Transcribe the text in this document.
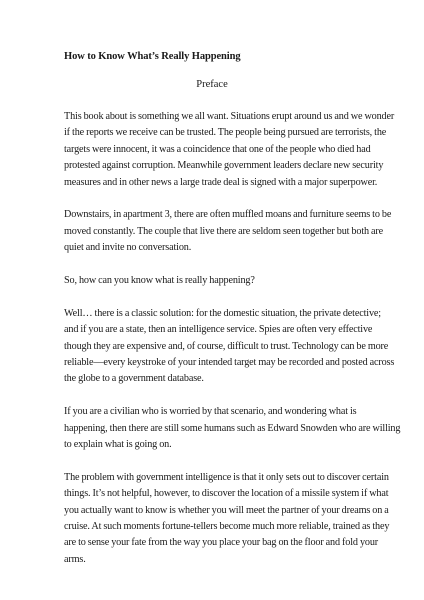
How to Know What’s Really Happening
Preface

This book about is something we all want. Situations erupt around us and we wonder
if the reports we receive can be trusted. The people being pursued are terrorists, the
targets were innocent, it was a coincidence that one of the people who died had
protested against corruption. Meanwhile government leaders declare new security
measures and in other news a large trade deal is signed with a major superpower.

Downstairs, in apartment 3, there are often muffled moans and furniture seems to be
moved constantly. The couple that live there are seldom seen together but both are
quiet and invite no conversation.

So, how can you know what is really happening?

Well… there is a classic solution: for the domestic situation, the private detective;
and if you are a state, then an intelligence service. Spies are often very effective
though they are expensive and, of course, difficult to trust. Technology can be more
reliable—every keystroke of your intended target may be recorded and posted across
the globe to a government database.

If you are a civilian who is worried by that scenario, and wondering what is
happening, then there are still some humans such as Edward Snowden who are willing
to explain what is going on.

The problem with government intelligence is that it only sets out to discover certain
things. It’s not helpful, however, to discover the location of a missile system if what
you actually want to know is whether you will meet the partner of your dreams on a
cruise. At such moments fortune-tellers become much more reliable, trained as they
are to sense your fate from the way you place your bag on the floor and fold your
arms.
